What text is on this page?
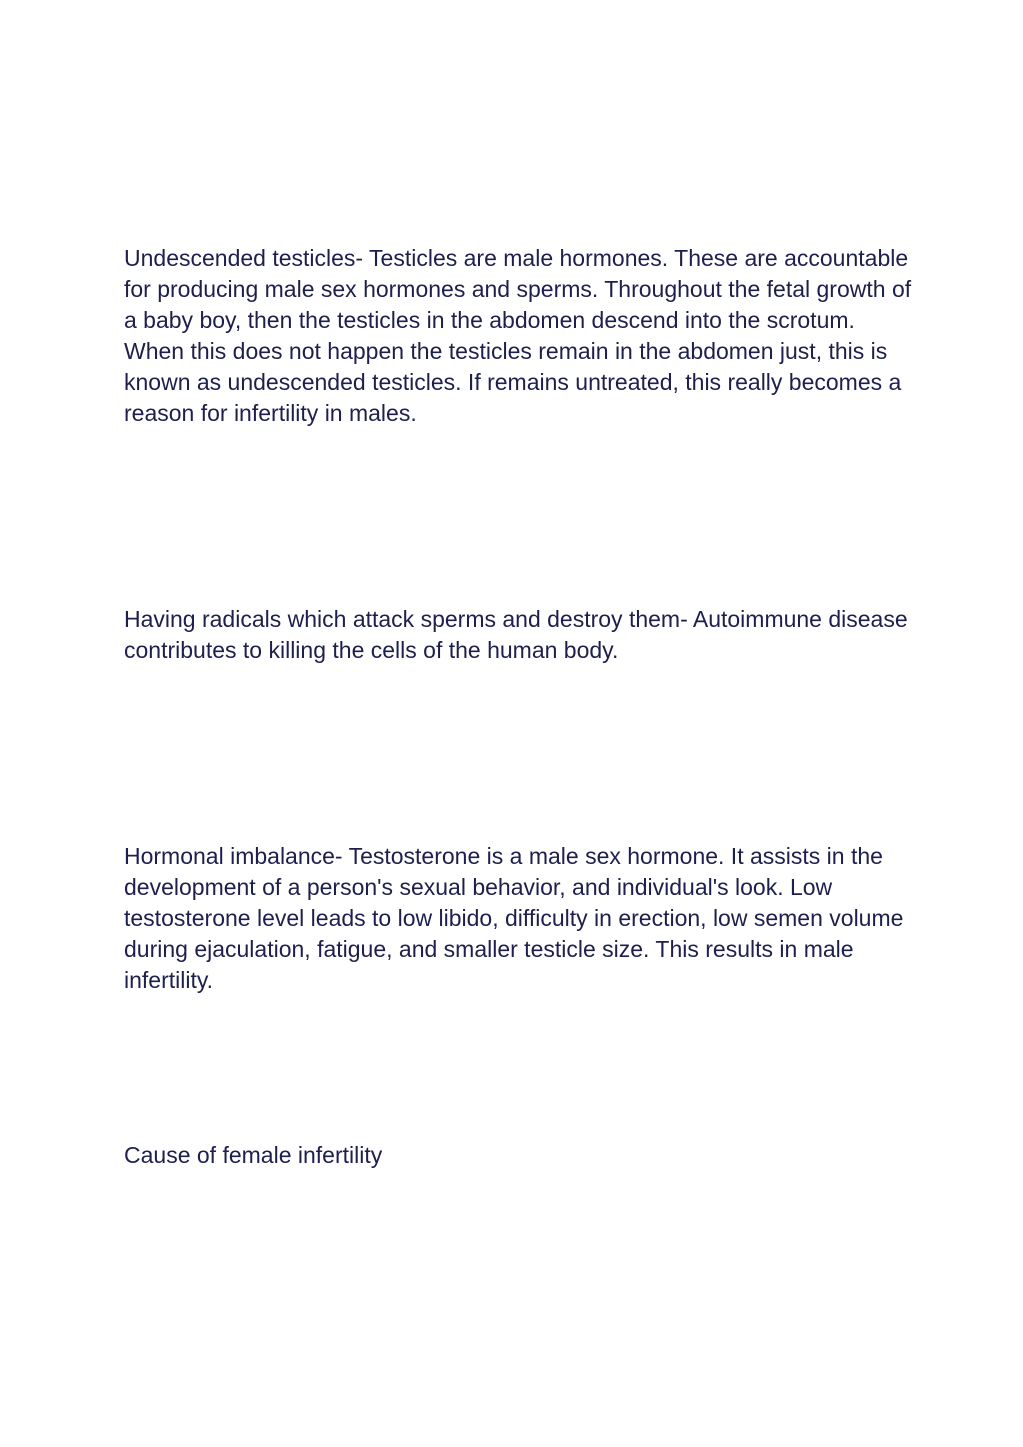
Undescended testicles- Testicles are male hormones. These are accountable for producing male sex hormones and sperms. Throughout the fetal growth of a baby boy, then the testicles in the abdomen descend into the scrotum. When this does not happen the testicles remain in the abdomen just, this is known as undescended testicles. If remains untreated, this really becomes a reason for infertility in males.

Having radicals which attack sperms and destroy them- Autoimmune disease contributes to killing the cells of the human body.

Hormonal imbalance- Testosterone is a male sex hormone. It assists in the development of a person's sexual behavior, and individual's look. Low testosterone level leads to low libido, difficulty in erection, low semen volume during ejaculation, fatigue, and smaller testicle size. This results in male infertility.

Cause of female infertility
